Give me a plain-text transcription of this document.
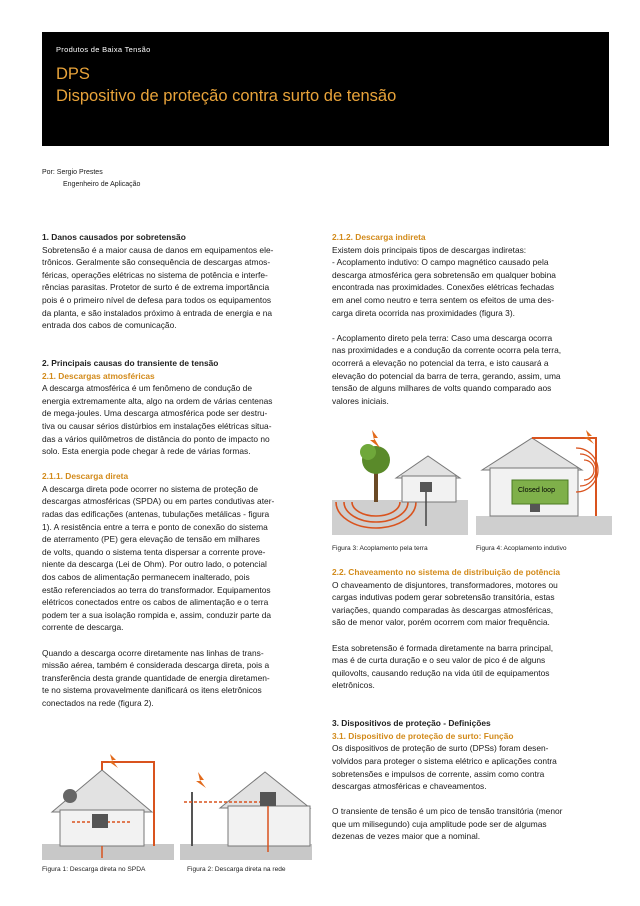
Produtos de Baixa Tensão
DPS
Dispositivo de proteção contra surto de tensão
Por: Sergio Prestes
Engenheiro de Aplicação

1. Danos causados por sobretensão

Sobretensão é a maior causa de danos em equipamentos ele-

trônicos. Geralmente são consequência de descargas atmos-

féricas, operações elétricas no sistema de potência e interfe-

rências parasitas. Protetor de surto é de extrema importância

pois é o primeiro nível de defesa para todos os equipamentos

da planta, e são instalados próximo à entrada de energia e na

entrada dos cabos de comunicação.

2. Principais causas do transiente de tensão

2.1. Descargas atmosféricas

A descarga atmosférica é um fenômeno de condução de

energia extremamente alta, algo na ordem de várias centenas

de mega-joules. Uma descarga atmosférica pode ser destru-

tiva ou causar sérios distúrbios em instalações elétricas situa-

das a vários quilômetros de distância do ponto de impacto no

solo. Esta energia pode chegar à rede de várias formas.

2.1.1. Descarga direta

A descarga direta pode ocorrer no sistema de proteção de

descargas atmosféricas (SPDA) ou em partes condutivas ater-

radas das edificações (antenas, tubulações metálicas - figura

1). A resistência entre a terra e ponto de conexão do sistema

de aterramento (PE) gera elevação de tensão em milhares

de volts, quando o sistema tenta dispersar a corrente prove-

niente da descarga (Lei de Ohm). Por outro lado, o potencial

dos cabos de alimentação permanecem inalterado, pois

estão referenciados ao terra do transformador. Equipamentos

elétricos conectados entre os cabos de alimentação e o terra

podem ter a sua isolação rompida e, assim, conduzir parte da

corrente de descarga.

Quando a descarga ocorre diretamente nas linhas de trans-

missão aérea, também é considerada descarga direta, pois a

transferência desta grande quantidade de energia diretamen-

te no sistema provavelmente danificará os itens eletrônicos

conectados na rede (figura 2).

Figura 1: Descarga direta no SPDA	Figura 2: Descarga direta na rede

2.1.2. Descarga indireta

Existem dois principais tipos de descargas indiretas:

- Acoplamento indutivo: O campo magnético causado pela

descarga atmosférica gera sobretensão em qualquer bobina

encontrada nas proximidades. Conexões elétricas fechadas

em anel como neutro e terra sentem os efeitos de uma des-

carga direta ocorrida nas proximidades (figura 3).

- Acoplamento direto pela terra: Caso uma descarga ocorra

nas proximidades e a condução da corrente ocorra pela terra,

ocorrerá a elevação no potencial da terra, e isto causará a

elevação do potencial da barra de terra, gerando, assim, uma

tensão de alguns milhares de volts quando comparado aos

valores iniciais.

Figura 3: Acoplamento pela terra
Closed loop
Figura 4: Acoplamento indutivo

2.2. Chaveamento no sistema de distribuição de potência

O chaveamento de disjuntores, transformadores, motores ou

cargas indutivas podem gerar sobretensão transitória, estas

variações, quando comparadas às descargas atmosféricas,

são de menor valor, porém ocorrem com maior frequência.

Esta sobretensão é formada diretamente na barra principal,

mas é de curta duração e o seu valor de pico é de alguns

quilovolts, causando redução na vida útil de equipamentos

eletrônicos.

3. Dispositivos de proteção - Definições

3.1. Dispositivo de proteção de surto: Função

Os dispositivos de proteção de surto (DPSs) foram desen-

volvidos para proteger o sistema elétrico e aplicações contra

sobretensões e impulsos de corrente, assim como contra

descargas atmosféricas e chaveamentos.

O transiente de tensão é um pico de tensão transitória (menor

que um milisegundo) cuja amplitude pode ser de algumas

dezenas de vezes maior que a nominal.
